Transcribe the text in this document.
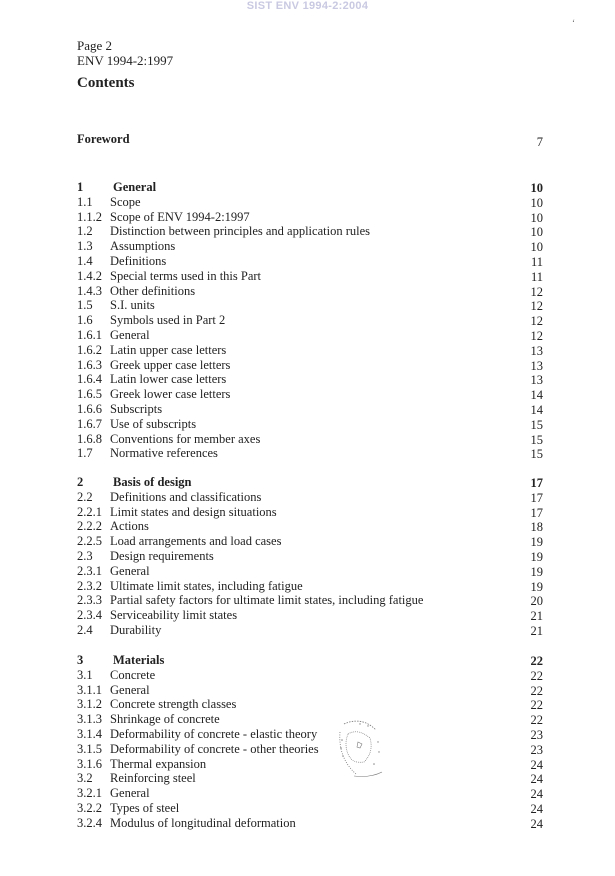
SIST ENV 1994-2:2004
‘
Page 2
ENV 1994-2:1997
Contents
Foreword	7
1 General	10
1.1 Scope	10
1.1.2 Scope of ENV 1994-2:1997	10
1.2 Distinction between principles and application rules	10
1.3 Assumptions	10
1.4 Definitions	11
1.4.2 Special terms used in this Part	11
1.4.3 Other definitions	12
1.5 S.I. units	12
1.6 Symbols used in Part 2	12
1.6.1 General	12
1.6.2 Latin upper case letters	13
1.6.3 Greek upper case letters	13
1.6.4 Latin lower case letters	13
1.6.5 Greek lower case letters	14
1.6.6 Subscripts	14
1.6.7 Use of subscripts	15
1.6.8 Conventions for member axes	15
1.7 Normative references	15
2 Basis of design	17
2.2 Definitions and classifications	17
2.2.1 Limit states and design situations	17
2.2.2 Actions	18
2.2.5 Load arrangements and load cases	19
2.3 Design requirements	19
2.3.1 General	19
2.3.2 Ultimate limit states, including fatigue	19
2.3.3 Partial safety factors for ultimate limit states, including fatigue	20
2.3.4 Serviceability limit states	21
2.4 Durability	21
3 Materials	22
3.1 Concrete	22
3.1.1 General	22
3.1.2 Concrete strength classes	22
3.1.3 Shrinkage of concrete	22
3.1.4 Deformability of concrete - elastic theory	23
3.1.5 Deformability of concrete - other theories	23
3.1.6 Thermal expansion	24
3.2 Reinforcing steel	24
3.2.1 General	24
3.2.2 Types of steel	24
3.2.4 Modulus of longitudinal deformation	24
